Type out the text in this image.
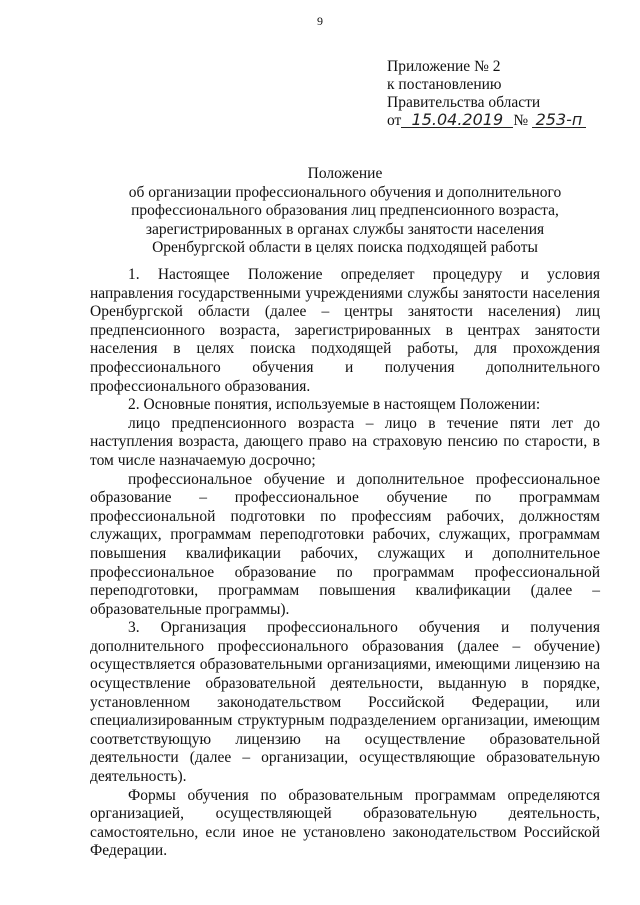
9
Приложение № 2
к постановлению
Правительства области
от 15.04.2019 № 253-п
Положение
об организации профессионального обучения и дополнительного
профессионального образования лиц предпенсионного возраста,
зарегистрированных в органах службы занятости населения
Оренбургской области в целях поиска подходящей работы

1. Настоящее Положение определяет процедуру и условия направления государственными учреждениями службы занятости населения Оренбургской области (далее – центры занятости населения) лиц предпенсионного возраста, зарегистрированных в центрах занятости населения в целях поиска подходящей работы, для прохождения профессионального обучения и получения дополнительного профессионального образования.

2. Основные понятия, используемые в настоящем Положении:

лицо предпенсионного возраста – лицо в течение пяти лет до наступления возраста, дающего право на страховую пенсию по старости, в том числе назначаемую досрочно;

профессиональное обучение и дополнительное профессиональное образование – профессиональное обучение по программам профессиональной подготовки по профессиям рабочих, должностям служащих, программам переподготовки рабочих, служащих, программам повышения квалификации рабочих, служащих и дополнительное профессиональное образование по программам профессиональной переподготовки, программам повышения квалификации (далее – образовательные программы).

3. Организация профессионального обучения и получения дополнительного профессионального образования (далее – обучение) осуществляется образовательными организациями, имеющими лицензию на осуществление образовательной деятельности, выданную в порядке, установленном законодательством Российской Федерации, или специализированным структурным подразделением организации, имеющим соответствующую лицензию на осуществление образовательной деятельности (далее – организации, осуществляющие образовательную деятельность).

Формы обучения по образовательным программам определяются организацией, осуществляющей образовательную деятельность, самостоятельно, если иное не установлено законодательством Российской Федерации.
